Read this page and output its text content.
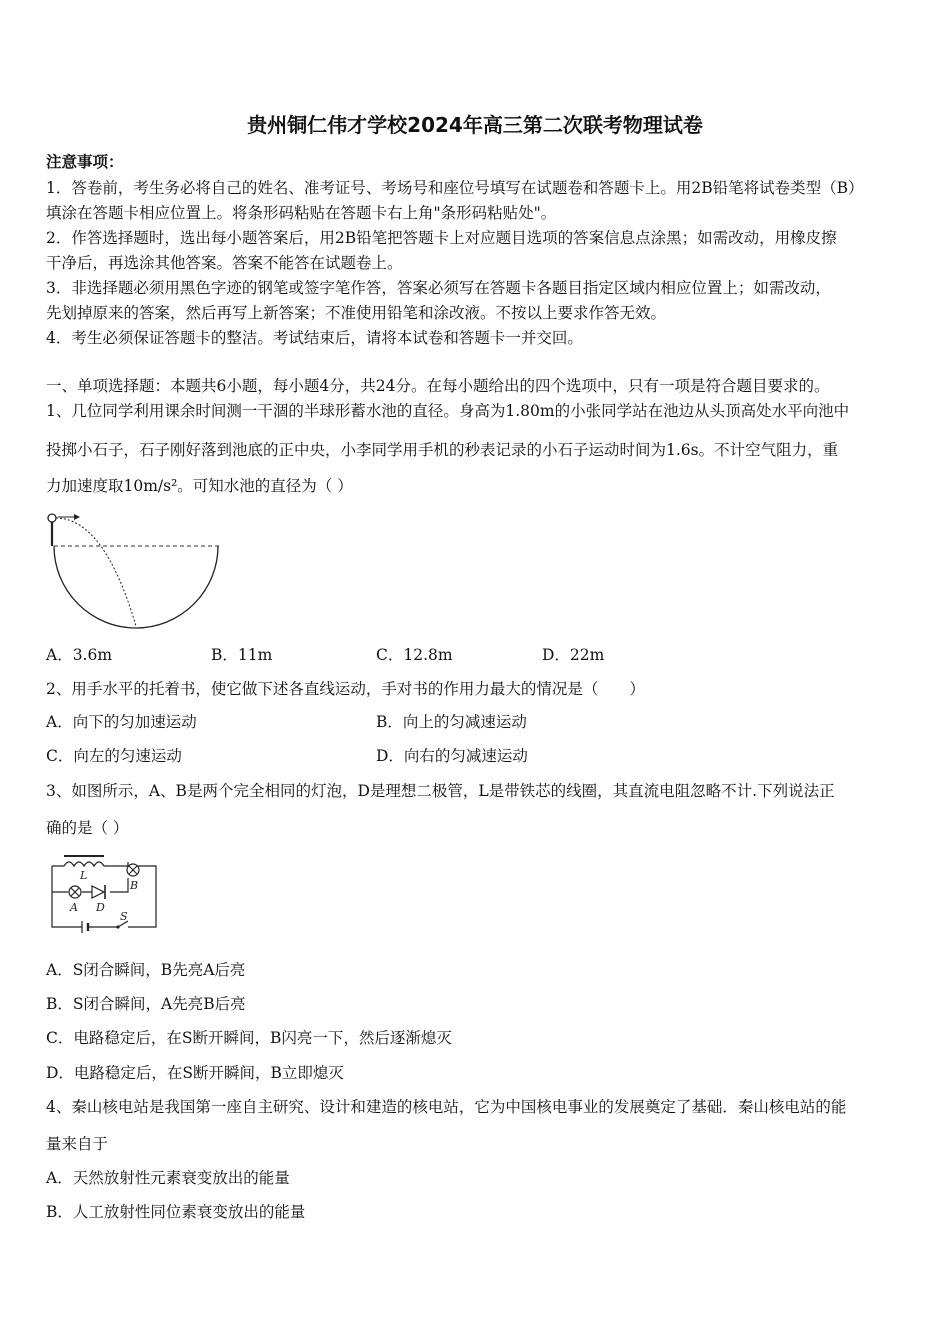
贵州铜仁伟才学校2024年高三第二次联考物理试卷
注意事项：
1．答卷前，考生务必将自己的姓名、准考证号、考场号和座位号填写在试题卷和答题卡上。用2B铅笔将试卷类型（B）
填涂在答题卡相应位置上。将条形码粘贴在答题卡右上角"条形码粘贴处"。
2．作答选择题时，选出每小题答案后，用2B铅笔把答题卡上对应题目选项的答案信息点涂黑；如需改动，用橡皮擦
干净后，再选涂其他答案。答案不能答在试题卷上。
3．非选择题必须用黑色字迹的钢笔或签字笔作答，答案必须写在答题卡各题目指定区域内相应位置上；如需改动，
先划掉原来的答案，然后再写上新答案；不准使用铅笔和涂改液。不按以上要求作答无效。
4．考生必须保证答题卡的整洁。考试结束后，请将本试卷和答题卡一并交回。
一、单项选择题：本题共6小题，每小题4分，共24分。在每小题给出的四个选项中，只有一项是符合题目要求的。
1、几位同学利用课余时间测一干涸的半球形蓄水池的直径。身高为1.80m的小张同学站在池边从头顶高处水平向池中
投掷小石子，石子刚好落到池底的正中央，小李同学用手机的秒表记录的小石子运动时间为1.6s。不计空气阻力，重
力加速度取10m/s²。可知水池的直径为（ ）
A．3.6m	B．11m	C．12.8m	D．22m
2、用手水平的托着书，使它做下述各直线运动，手对书的作用力最大的情况是（　　）
A．向下的匀加速运动	B．向上的匀减速运动
C．向左的匀速运动	D．向右的匀减速运动
3、如图所示，A、B是两个完全相同的灯泡，D是理想二极管，L是带铁芯的线圈，其直流电阻忽略不计.下列说法正
确的是（ ）
L
A D
B
S
A．S闭合瞬间，B先亮A后亮
B．S闭合瞬间，A先亮B后亮
C．电路稳定后，在S断开瞬间，B闪亮一下，然后逐渐熄灭
D．电路稳定后，在S断开瞬间，B立即熄灭
4、秦山核电站是我国第一座自主研究、设计和建造的核电站，它为中国核电事业的发展奠定了基础．秦山核电站的能
量来自于
A．天然放射性元素衰变放出的能量
B．人工放射性同位素衰变放出的能量
